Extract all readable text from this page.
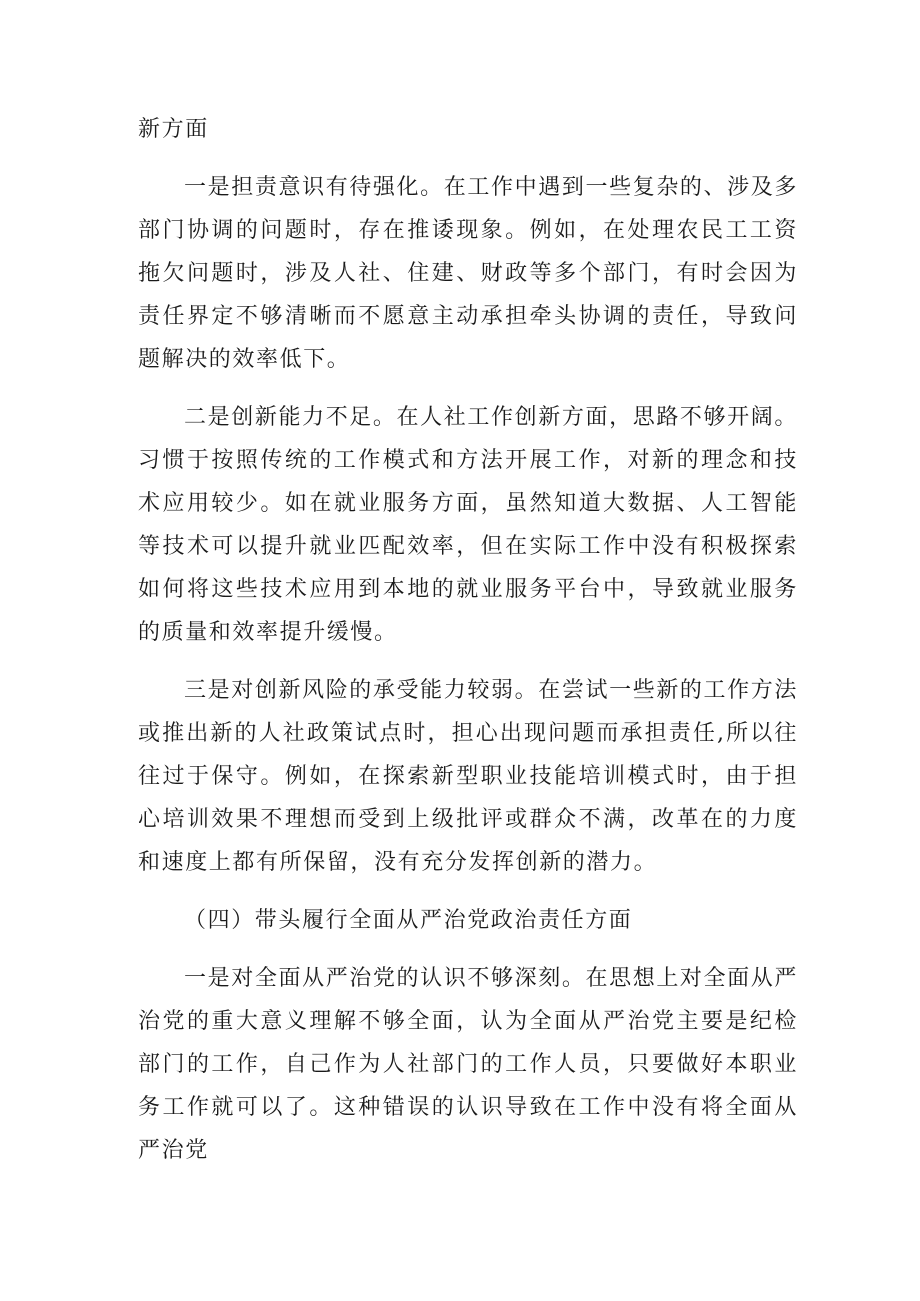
新方面

一是担责意识有待强化。在工作中遇到一些复杂的、涉及多部门协调的问题时，存在推诿现象。例如，在处理农民工工资拖欠问题时，涉及人社、住建、财政等多个部门，有时会因为责任界定不够清晰而不愿意主动承担牵头协调的责任，导致问题解决的效率低下。

二是创新能力不足。在人社工作创新方面，思路不够开阔。习惯于按照传统的工作模式和方法开展工作，对新的理念和技术应用较少。如在就业服务方面，虽然知道大数据、人工智能等技术可以提升就业匹配效率，但在实际工作中没有积极探索如何将这些技术应用到本地的就业服务平台中，导致就业服务的质量和效率提升缓慢。

三是对创新风险的承受能力较弱。在尝试一些新的工作方法或推出新的人社政策试点时，担心出现问题而承担责任,所以往往过于保守。例如，在探索新型职业技能培训模式时，由于担心培训效果不理想而受到上级批评或群众不满，改革在的力度和速度上都有所保留，没有充分发挥创新的潜力。

（四）带头履行全面从严治党政治责任方面

一是对全面从严治党的认识不够深刻。在思想上对全面从严治党的重大意义理解不够全面，认为全面从严治党主要是纪检部门的工作，自己作为人社部门的工作人员，只要做好本职业务工作就可以了。这种错误的认识导致在工作中没有将全面从严治党
